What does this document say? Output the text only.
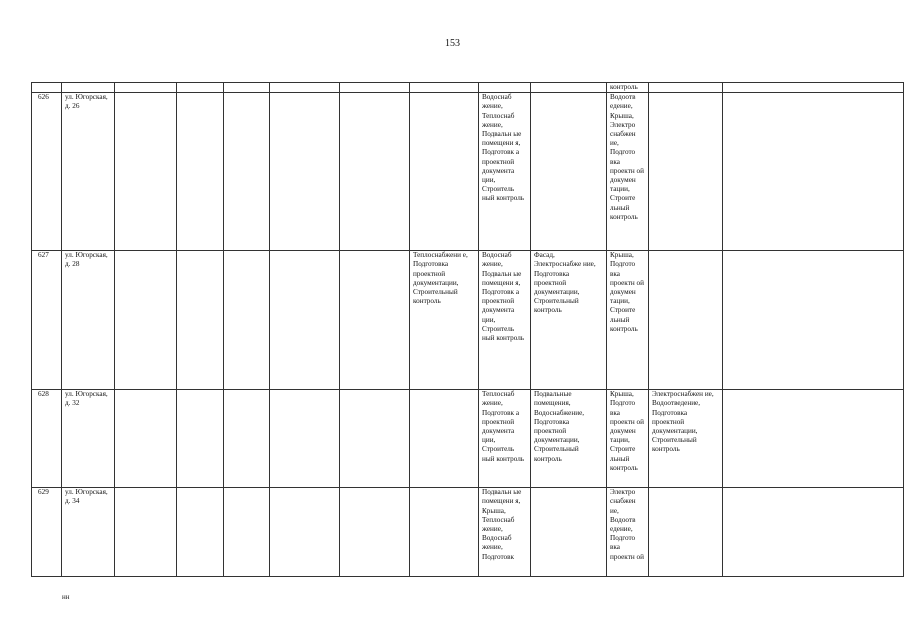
153
										контроль		
626	ул. Югорская, д. 26							Водоснаб жение, Теплоснаб жение, Подвальн ые помещени я, Подготовк а проектной документа ции, Строитель ный контроль		Водоотв едение, Крыша, Электро снабжен ие, Подгото вка проектн ой докумен тации, Строите льный контроль		
627	ул. Югорская, д. 28						Теплоснабжени е, Подготовка проектной документации, Строительный контроль	Водоснаб жение, Подвальн ые помещени я, Подготовк а проектной документа ции, Строитель ный контроль	Фасад, Электроснабже ние, Подготовка проектной документации, Строительный контроль	Крыша, Подгото вка проектн ой докумен тации, Строите льный контроль		
628	ул. Югорская, д. 32							Теплоснаб жение, Подготовк а проектной документа ции, Строитель ный контроль	Подвальные помещения, Водоснабжение, Подготовка проектной документации, Строительный контроль	Крыша, Подгото вка проектн ой докумен тации, Строите льный контроль	Электроснабжен ие, Водоотведение, Подготовка проектной документации, Строительный контроль	
629	ул. Югорская, д. 34							Подвальн ые помещени я, Крыша, Теплоснаб жение, Водоснаб жение, Подготовк		Электро снабжен ие, Водоотв едение, Подгото вка проектн ой		
нн
